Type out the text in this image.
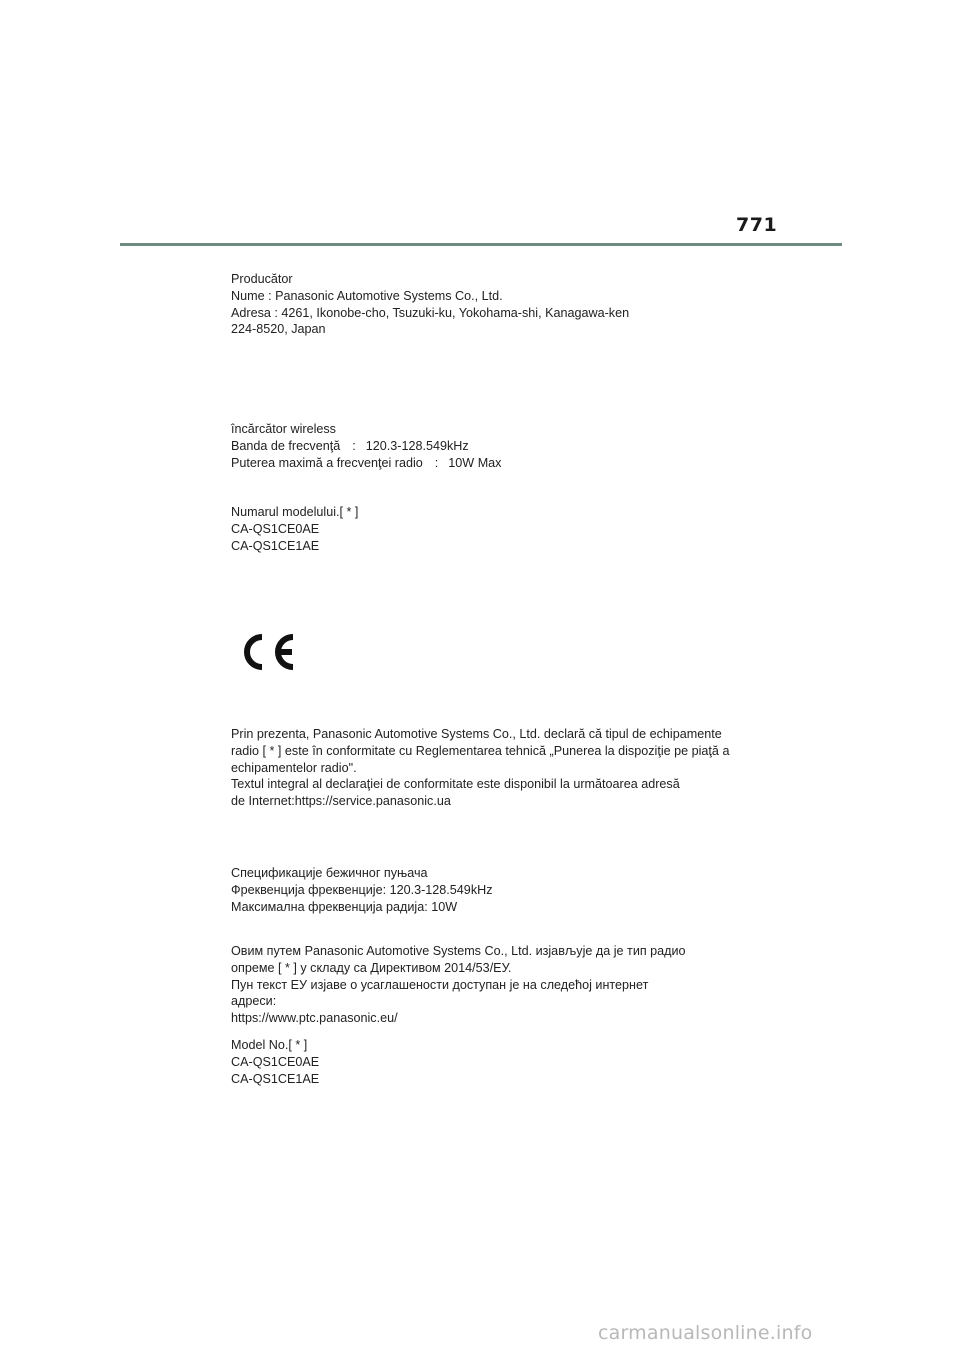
771
Producător
Nume : Panasonic Automotive Systems Co., Ltd.
Adresa : 4261, Ikonobe-cho, Tsuzuki-ku, Yokohama-shi, Kanagawa-ken
224-8520, Japan
încărcător wireless
Banda de frecvenţă : 120.3-128.549kHz
Puterea maximă a frecvenţei radio : 10W Max
Numarul modelului.[ * ]
CA-QS1CE0AE
CA-QS1CE1AE
Prin prezenta, Panasonic Automotive Systems Co., Ltd. declară că tipul de echipamente
radio [ * ] este în conformitate cu Reglementarea tehnică „Punerea la dispoziţie pe piaţă a
echipamentelor radio".
Textul integral al declaraţiei de conformitate este disponibil la următoarea adresă
de Internet:https://service.panasonic.ua
Спецификације бежичног пуњача
Фреквенција фреквенције: 120.3-128.549kHz
Максимална фреквенција радија: 10W
Овим путем Panasonic Automotive Systems Co., Ltd. изјављује да је тип радио
опреме [ * ] у складу са Директивом 2014/53/ЕУ.
Пун текст ЕУ изјаве о усаглашености доступан је на следећој интернет
адреси:
https://www.ptc.panasonic.eu/
Model No.[ * ]
CA-QS1CE0AE
CA-QS1CE1AE
carmanualsonline.info
